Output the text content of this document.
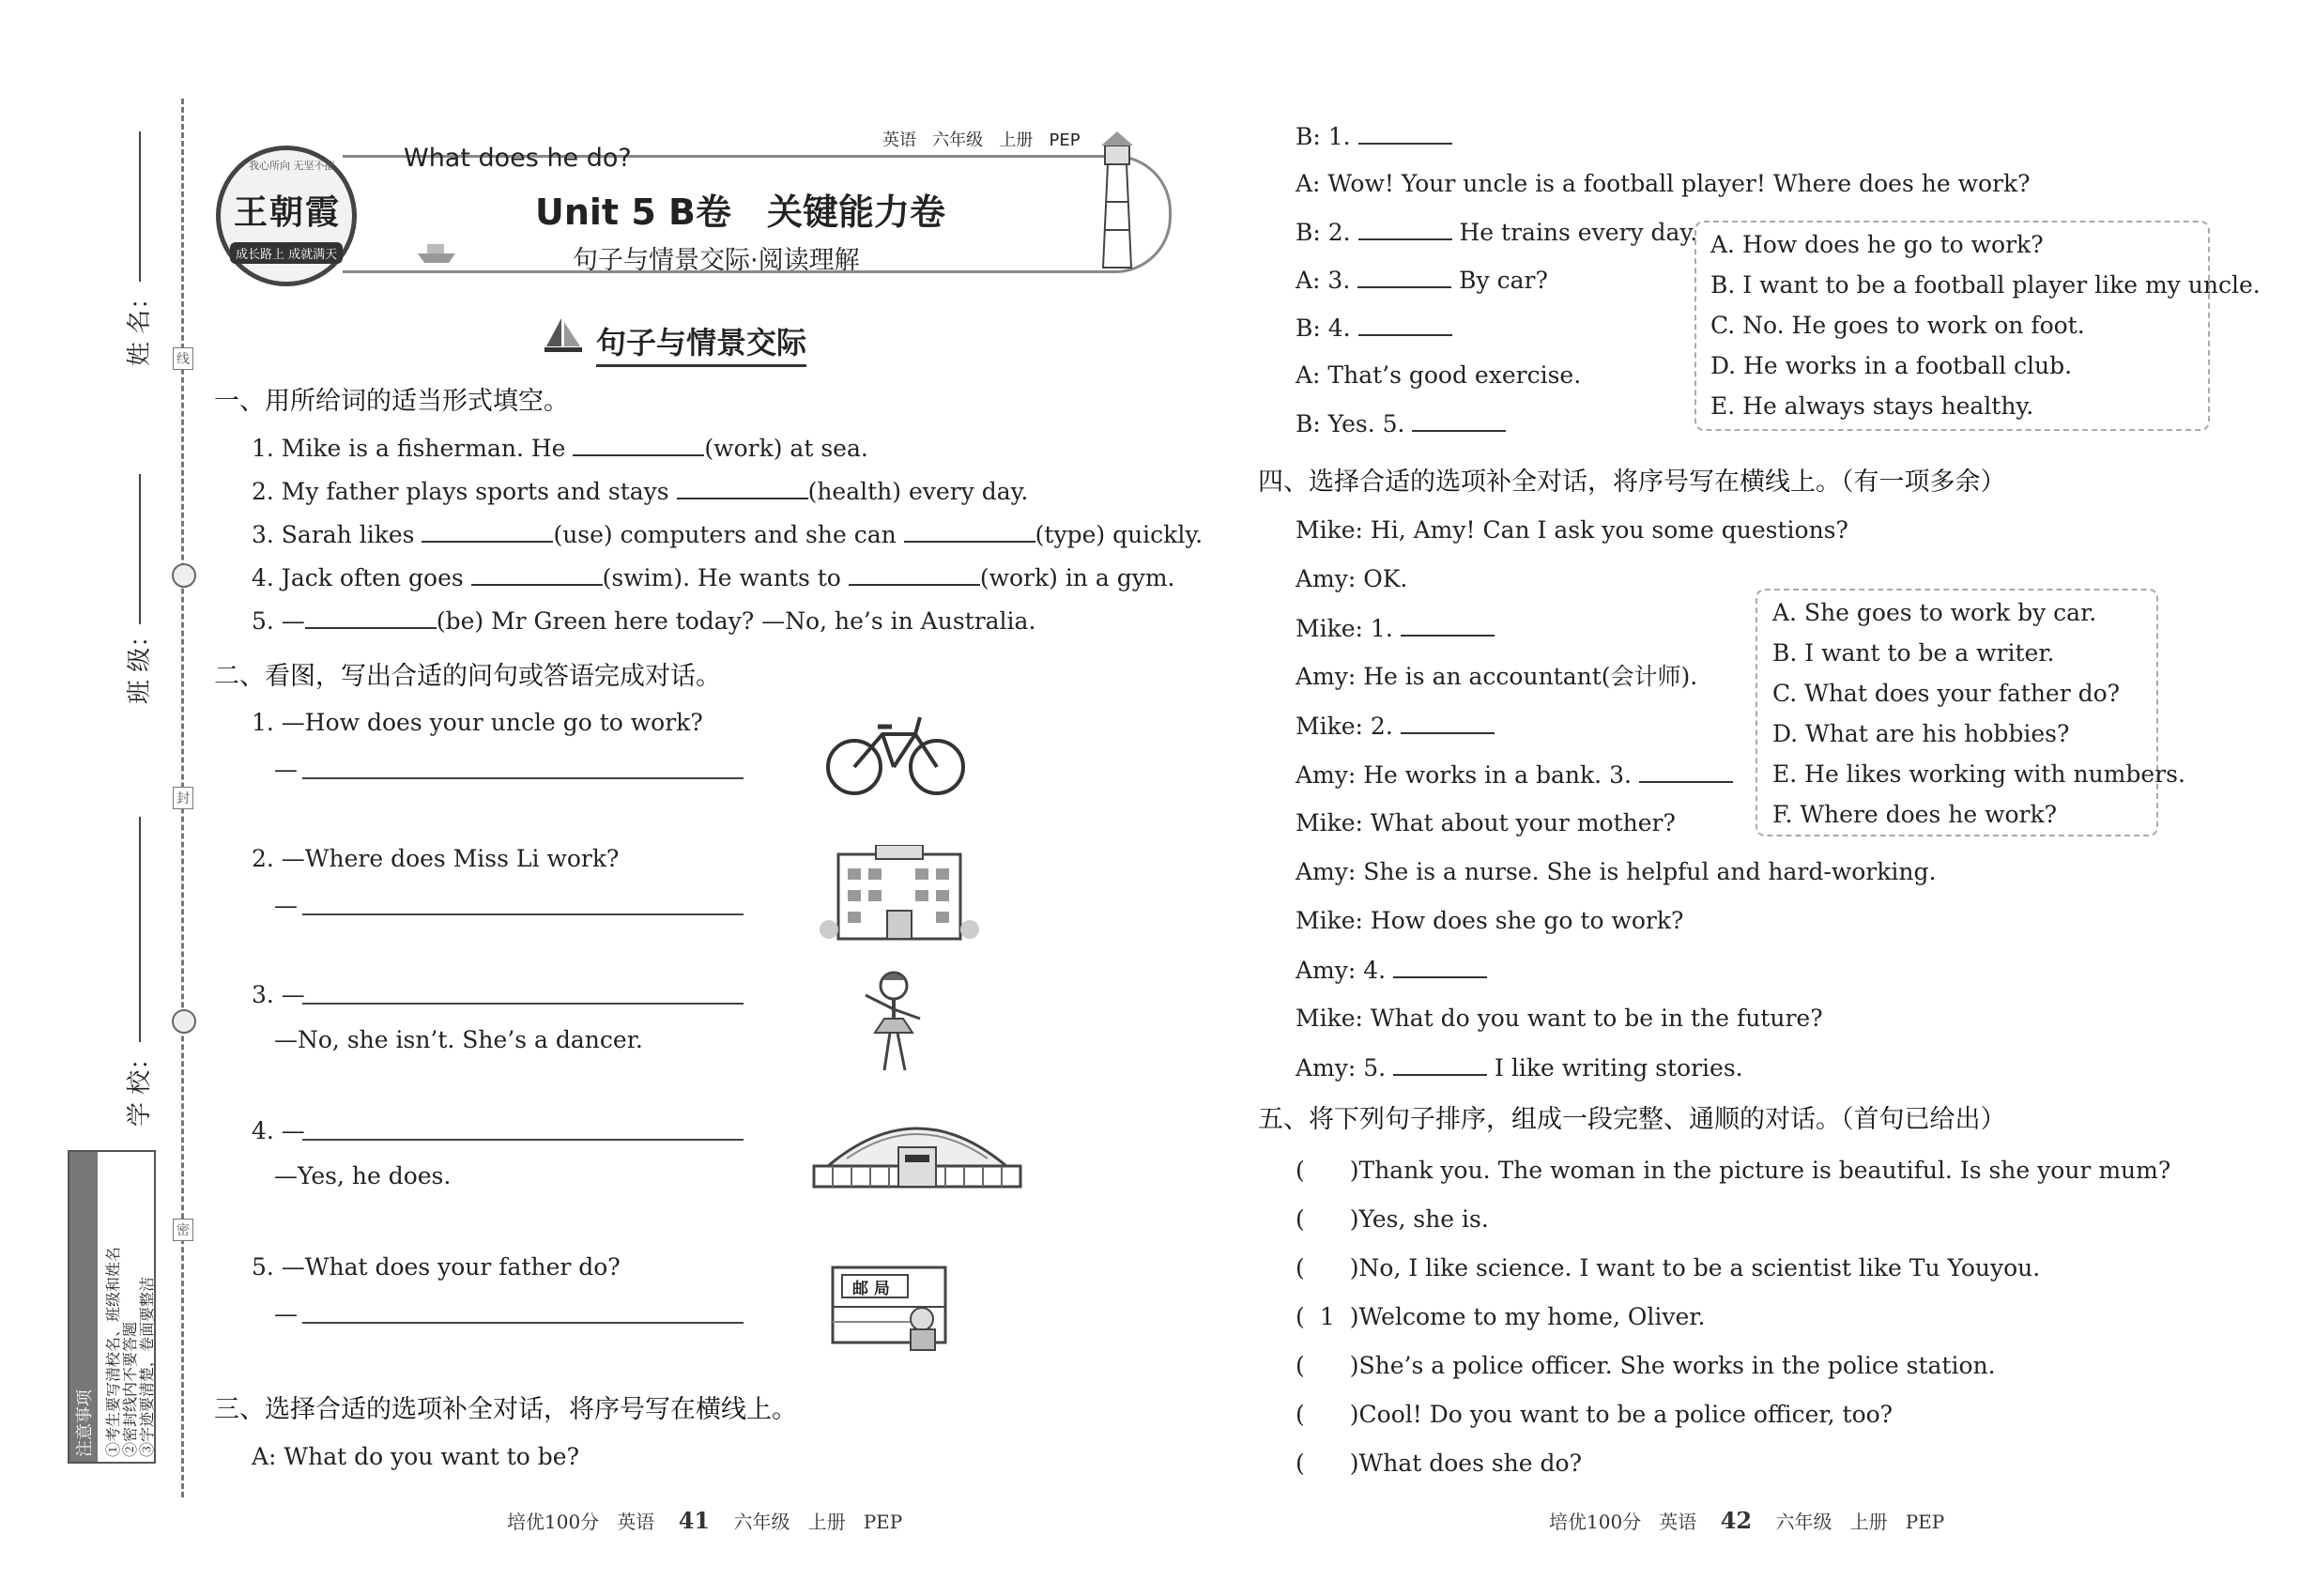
线
封
密
姓 名：
班 级：
学 校：
注意事项 ①考生要写清校名、班级和姓名 ②密封线内不要答题 ③字迹要清楚，卷面要整洁
我心所向 无坚不摧
王朝霞
成长路上 成就满天
What does he do?
英语 六年级 上册 PEP
Unit 5 B卷　关键能力卷
句子与情景交际·阅读理解
句子与情景交际
一、用所给词的适当形式填空。
1. Mike is a fisherman. He	(work) at sea.
2. My father plays sports and stays	(health) every day.
3. Sarah likes	(use) computers and she can	(type) quickly.
4. Jack often goes	(swim). He wants to	(work) in a gym.
5. —	(be) Mr Green here today? —No, he’s in Australia.
二、看图，写出合适的问句或答语完成对话。
1. —How does your uncle go to work?
—
2. —Where does Miss Li work?
—
3. —
—No, she isn’t. She’s a dancer.
4. —
—Yes, he does.
5. —What does your father do?
—
邮 局
三、选择合适的选项补全对话，将序号写在横线上。
A: What do you want to be?
B: 1.
A: Wow! Your uncle is a football player! Where does he work?
B: 2.	He trains every day.
A: 3.	By car?
B: 4.
A: That’s good exercise.
B: Yes. 5.
A. How does he go to work?
B. I want to be a football player like my uncle.
C. No. He goes to work on foot.
D. He works in a football club.
E. He always stays healthy.
四、选择合适的选项补全对话，将序号写在横线上。（有一项多余）
Mike: Hi, Amy! Can I ask you some questions?
Amy: OK.
Mike: 1.
Amy: He is an accountant(会计师).
Mike: 2.
Amy: He works in a bank. 3.
Mike: What about your mother?
Amy: She is a nurse. She is helpful and hard-working.
Mike: How does she go to work?
Amy: 4.
Mike: What do you want to be in the future?
Amy: 5.	I like writing stories.
A. She goes to work by car.
B. I want to be a writer.
C. What does your father do?
D. What are his hobbies?
E. He likes working with numbers.
F. Where does he work?
五、将下列句子排序，组成一段完整、通顺的对话。（首句已给出）
( )Thank you. The woman in the picture is beautiful. Is she your mum?
( )Yes, she is.
( )No, I like science. I want to be a scientist like Tu Youyou.
( 1 )Welcome to my home, Oliver.
( )She’s a police officer. She works in the police station.
( )Cool! Do you want to be a police officer, too?
( )What does she do?
培优100分 英语 41 六年级 上册 PEP	培优100分 英语 42 六年级 上册 PEP
